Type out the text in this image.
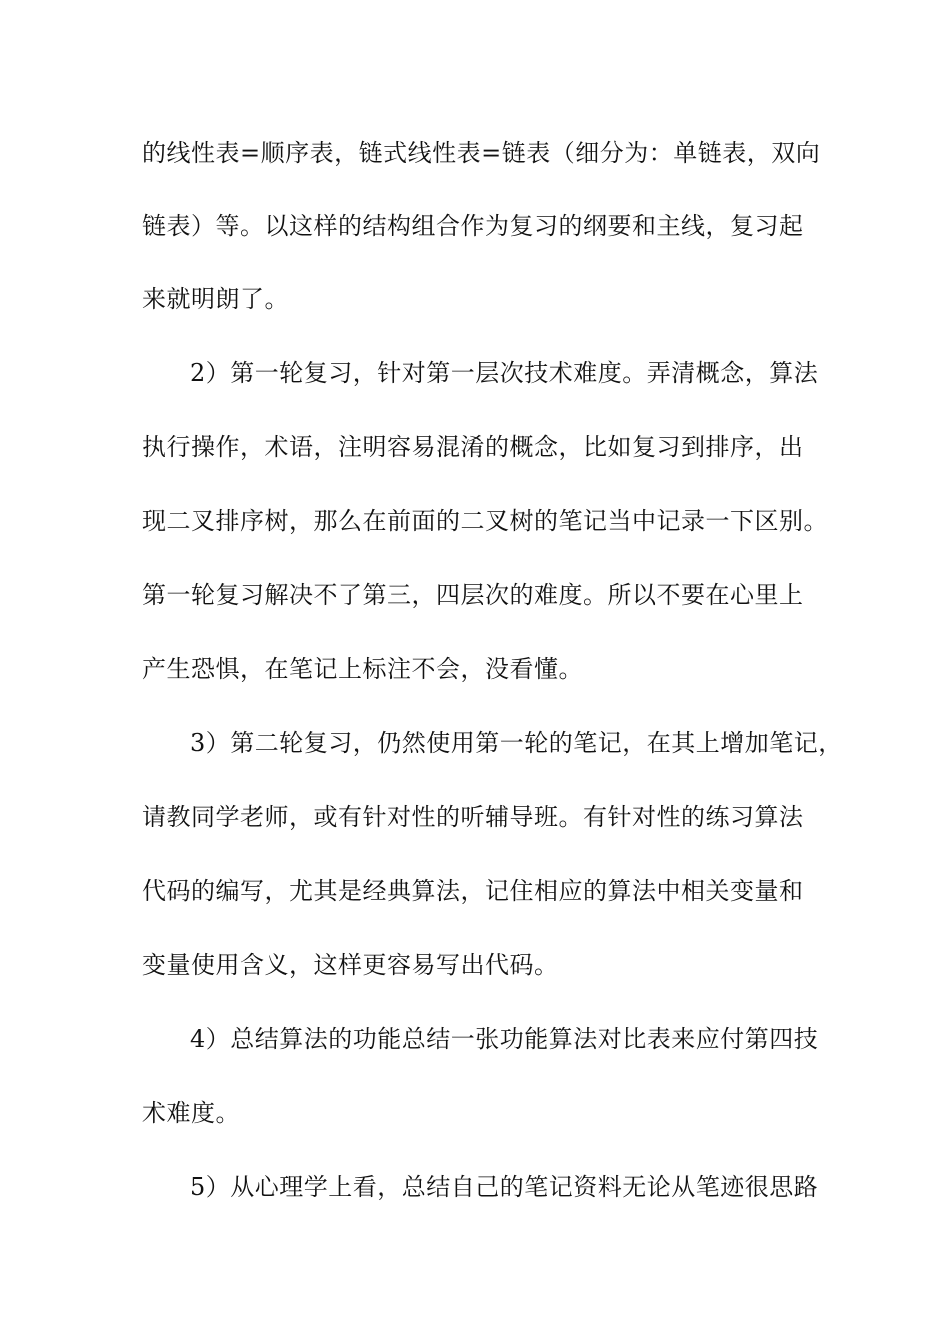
的线性表=顺序表，链式线性表=链表（细分为：单链表，双向
链表）等。以这样的结构组合作为复习的纲要和主线，复习起
来就明朗了。
2）第一轮复习，针对第一层次技术难度。弄清概念，算法
执行操作，术语，注明容易混淆的概念，比如复习到排序，出
现二叉排序树，那么在前面的二叉树的笔记当中记录一下区别。
第一轮复习解决不了第三，四层次的难度。所以不要在心里上
产生恐惧，在笔记上标注不会，没看懂。
3）第二轮复习，仍然使用第一轮的笔记，在其上增加笔记，
请教同学老师，或有针对性的听辅导班。有针对性的练习算法
代码的编写，尤其是经典算法，记住相应的算法中相关变量和
变量使用含义，这样更容易写出代码。
4）总结算法的功能总结一张功能算法对比表来应付第四技
术难度。
5）从心理学上看，总结自己的笔记资料无论从笔迹很思路
